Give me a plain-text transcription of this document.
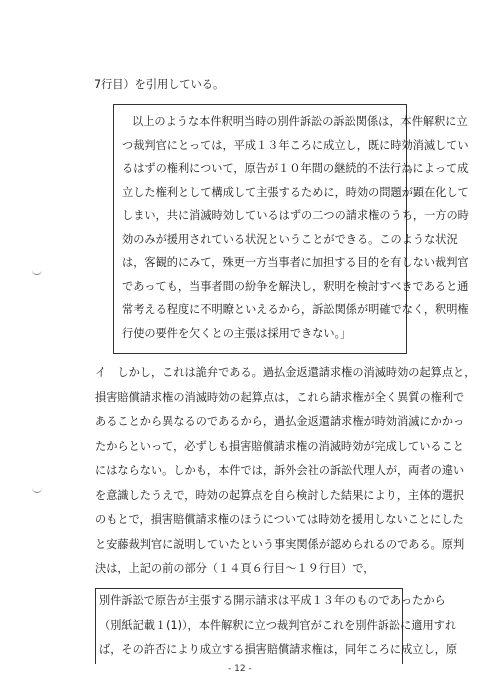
7行目）を引用している。
以上のような本件釈明当時の別件訴訟の訴訟関係は，本件解釈に立
つ裁判官にとっては，平成１３年ころに成立し，既に時効消滅してい
るはずの権利について，原告が１０年間の継続的不法行為によって成
立した権利として構成して主張するために，時効の問題が顕在化して
しまい，共に消滅時効しているはずの二つの請求権のうち，一方の時
効のみが援用されている状況ということができる。このような状況
は，客観的にみて，殊更一方当事者に加担する目的を有しない裁判官
であっても，当事者間の紛争を解決し，釈明を検討すべきであると通
常考える程度に不明瞭といえるから，訴訟関係が明確でなく，釈明権
行使の要件を欠くとの主張は採用できない。」
イ　しかし，これは詭弁である。過払金返還請求権の消滅時効の起算点と，
損害賠償請求権の消滅時効の起算点は，これら請求権が全く異質の権利で
あることから異なるのであるから，過払金返還請求権が時効消滅にかかっ
たからといって，必ずしも損害賠償請求権の消滅時効が完成していること
にはならない。しかも，本件では，訴外会社の訴訟代理人が，両者の違い
を意識したうえで，時効の起算点を自ら検討した結果により，主体的選択
のもとで，損害賠償請求権のほうについては時効を援用しないことにした
と安藤裁判官に説明していたという事実関係が認められるのである。原判
決は，上記の前の部分（１４頁６行目～１９行目）で，
別件訴訟で原告が主張する開示請求は平成１３年のものであったから
（別紙記載１(1)），本件解釈に立つ裁判官がこれを別件訴訟に適用すれ
ば，その許否により成立する損害賠償請求権は，同年ころに成立し，原
- 12 -
